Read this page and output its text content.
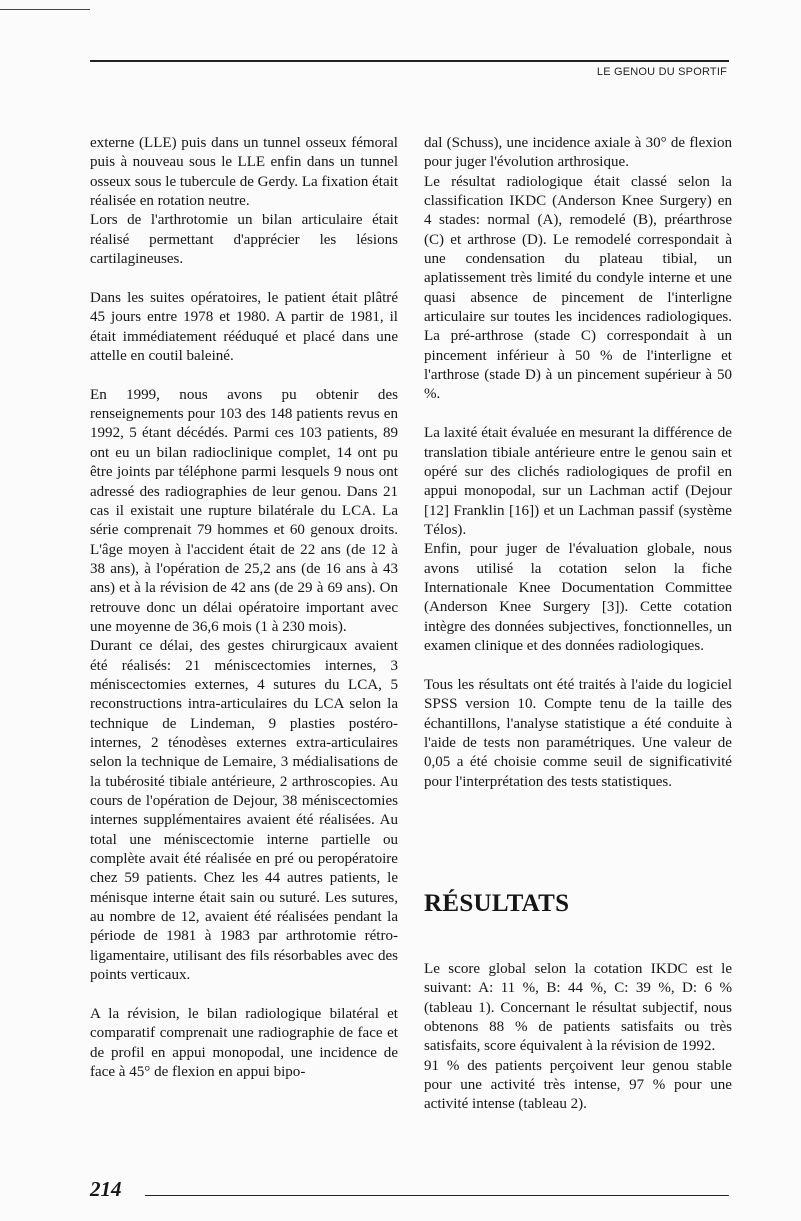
LE GENOU DU SPORTIF

externe (LLE) puis dans un tunnel osseux fémoral puis à nouveau sous le LLE enfin dans un tunnel osseux sous le tubercule de Gerdy. La fixation était réalisée en rotation neutre.

Lors de l'arthrotomie un bilan articulaire était réalisé permettant d'apprécier les lésions cartilagineuses.

Dans les suites opératoires, le patient était plâtré 45 jours entre 1978 et 1980. A partir de 1981, il était immédiatement rééduqué et placé dans une attelle en coutil baleiné.

En 1999, nous avons pu obtenir des renseignements pour 103 des 148 patients revus en 1992, 5 étant décédés. Parmi ces 103 patients, 89 ont eu un bilan radioclinique complet, 14 ont pu être joints par téléphone parmi lesquels 9 nous ont adressé des radiographies de leur genou. Dans 21 cas il existait une rupture bilatérale du LCA. La série comprenait 79 hommes et 60 genoux droits. L'âge moyen à l'accident était de 22 ans (de 12 à 38 ans), à l'opération de 25,2 ans (de 16 ans à 43 ans) et à la révision de 42 ans (de 29 à 69 ans). On retrouve donc un délai opératoire important avec une moyenne de 36,6 mois (1 à 230 mois).

Durant ce délai, des gestes chirurgicaux avaient été réalisés: 21 méniscectomies internes, 3 méniscectomies externes, 4 sutures du LCA, 5 reconstructions intra-articulaires du LCA selon la technique de Lindeman, 9 plasties postéro-internes, 2 ténodèses externes extra-articulaires selon la technique de Lemaire, 3 médialisations de la tubérosité tibiale antérieure, 2 arthroscopies. Au cours de l'opération de Dejour, 38 méniscectomies internes supplémentaires avaient été réalisées. Au total une méniscectomie interne partielle ou complète avait été réalisée en pré ou peropératoire chez 59 patients. Chez les 44 autres patients, le ménisque interne était sain ou suturé. Les sutures, au nombre de 12, avaient été réalisées pendant la période de 1981 à 1983 par arthrotomie rétro-ligamentaire, utilisant des fils résorbables avec des points verticaux.

A la révision, le bilan radiologique bilatéral et comparatif comprenait une radiographie de face et de profil en appui monopodal, une incidence de face à 45° de flexion en appui bipo-

dal (Schuss), une incidence axiale à 30° de flexion pour juger l'évolution arthrosique.

Le résultat radiologique était classé selon la classification IKDC (Anderson Knee Surgery) en 4 stades: normal (A), remodelé (B), préarthrose (C) et arthrose (D). Le remodelé correspondait à une condensation du plateau tibial, un aplatissement très limité du condyle interne et une quasi absence de pincement de l'interligne articulaire sur toutes les incidences radiologiques. La pré-arthrose (stade C) correspondait à un pincement inférieur à 50 % de l'interligne et l'arthrose (stade D) à un pincement supérieur à 50 %.

La laxité était évaluée en mesurant la différence de translation tibiale antérieure entre le genou sain et opéré sur des clichés radiologiques de profil en appui monopodal, sur un Lachman actif (Dejour [12] Franklin [16]) et un Lachman passif (système Télos).

Enfin, pour juger de l'évaluation globale, nous avons utilisé la cotation selon la fiche Internationale Knee Documentation Committee (Anderson Knee Surgery [3]). Cette cotation intègre des données subjectives, fonctionnelles, un examen clinique et des données radiologiques.

Tous les résultats ont été traités à l'aide du logiciel SPSS version 10. Compte tenu de la taille des échantillons, l'analyse statistique a été conduite à l'aide de tests non paramétriques. Une valeur de 0,05 a été choisie comme seuil de significativité pour l'interprétation des tests statistiques.

RÉSULTATS

Le score global selon la cotation IKDC est le suivant: A: 11 %, B: 44 %, C: 39 %, D: 6 % (tableau 1). Concernant le résultat subjectif, nous obtenons 88 % de patients satisfaits ou très satisfaits, score équivalent à la révision de 1992.

91 % des patients perçoivent leur genou stable pour une activité très intense, 97 % pour une activité intense (tableau 2).

214
